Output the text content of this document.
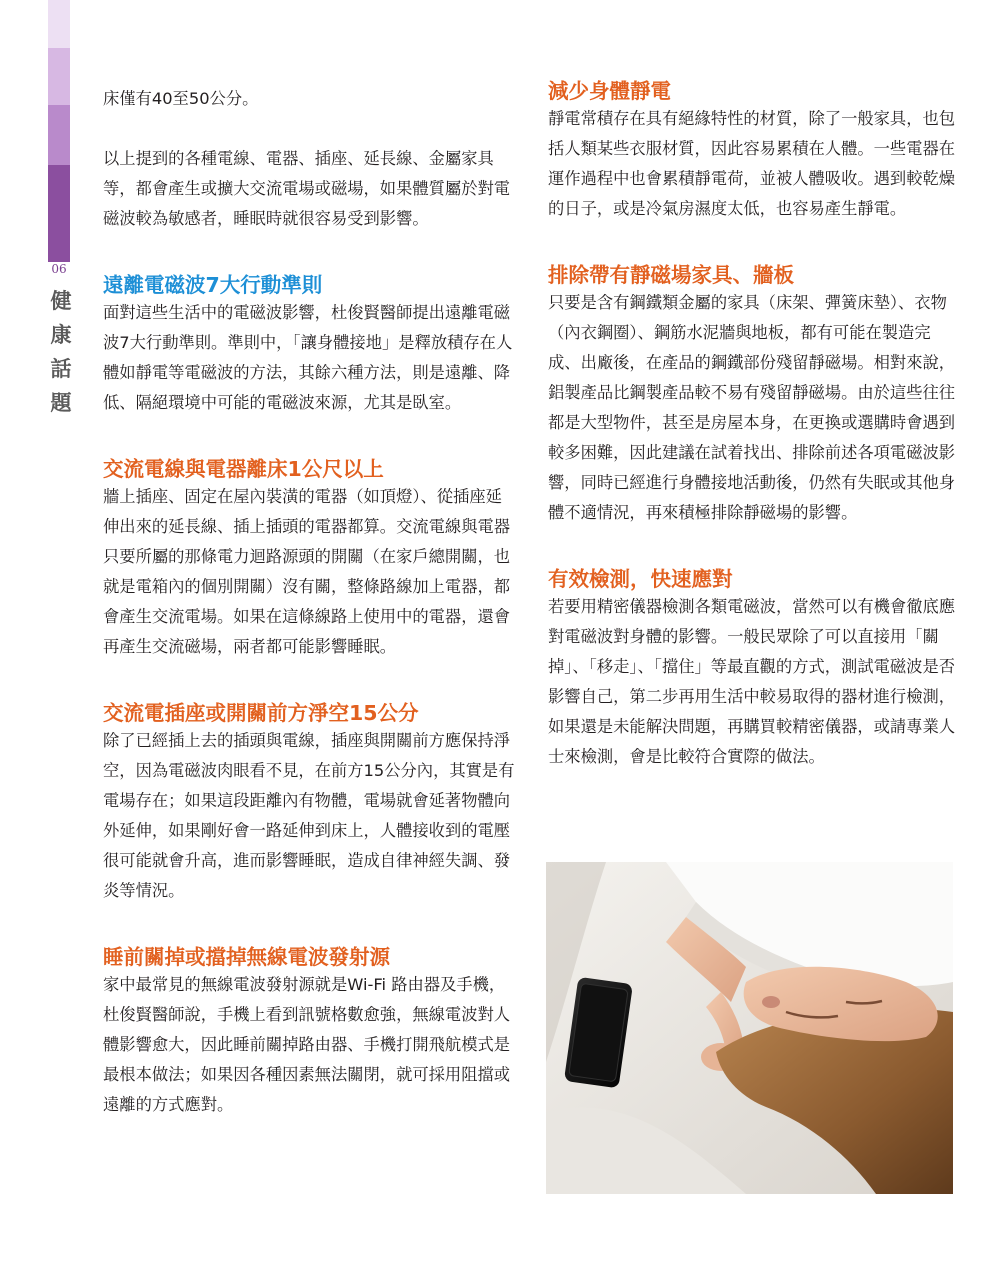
06
健康話題

床僅有40至50公分。

以上提到的各種電線、電器、插座、延長線、金屬家具等，都會產生或擴大交流電場或磁場，如果體質屬於對電磁波較為敏感者，睡眠時就很容易受到影響。

遠離電磁波7大行動準則

面對這些生活中的電磁波影響，杜俊賢醫師提出遠離電磁波7大行動準則。準則中，「讓身體接地」是釋放積存在人體如靜電等電磁波的方法，其餘六種方法，則是遠離、降低、隔絕環境中可能的電磁波來源，尤其是臥室。

交流電線與電器離床1公尺以上

牆上插座、固定在屋內裝潢的電器（如頂燈）、從插座延伸出來的延長線、插上插頭的電器都算。交流電線與電器只要所屬的那條電力迴路源頭的開關（在家戶總開關，也就是電箱內的個別開關）沒有關，整條路線加上電器，都會產生交流電場。如果在這條線路上使用中的電器，還會再產生交流磁場，兩者都可能影響睡眠。

交流電插座或開關前方淨空15公分

除了已經插上去的插頭與電線，插座與開關前方應保持淨空，因為電磁波肉眼看不見，在前方15公分內，其實是有電場存在；如果這段距離內有物體，電場就會延著物體向外延伸，如果剛好會一路延伸到床上，人體接收到的電壓很可能就會升高，進而影響睡眠，造成自律神經失調、發炎等情況。

睡前關掉或擋掉無線電波發射源

家中最常見的無線電波發射源就是Wi-Fi 路由器及手機，杜俊賢醫師說，手機上看到訊號格數愈強，無線電波對人體影響愈大，因此睡前關掉路由器、手機打開飛航模式是最根本做法；如果因各種因素無法關閉，就可採用阻擋或遠離的方式應對。

減少身體靜電

靜電常積存在具有絕緣特性的材質，除了一般家具，也包括人類某些衣服材質，因此容易累積在人體。一些電器在運作過程中也會累積靜電荷，並被人體吸收。遇到較乾燥的日子，或是冷氣房濕度太低，也容易產生靜電。

排除帶有靜磁場家具、牆板

只要是含有鋼鐵類金屬的家具（床架、彈簧床墊）、衣物（內衣鋼圈）、鋼筋水泥牆與地板，都有可能在製造完成、出廠後，在產品的鋼鐵部份殘留靜磁場。相對來說，鋁製產品比鋼製產品較不易有殘留靜磁場。由於這些往往都是大型物件，甚至是房屋本身，在更換或選購時會遇到較多困難，因此建議在試着找出、排除前述各項電磁波影響，同時已經進行身體接地活動後，仍然有失眠或其他身體不適情況，再來積極排除靜磁場的影響。

有效檢測，快速應對

若要用精密儀器檢測各類電磁波，當然可以有機會徹底應對電磁波對身體的影響。一般民眾除了可以直接用「關掉」、「移走」、「擋住」等最直觀的方式，測試電磁波是否影響自己，第二步再用生活中較易取得的器材進行檢測，如果還是未能解決問題，再購買較精密儀器，或請專業人士來檢測，會是比較符合實際的做法。
